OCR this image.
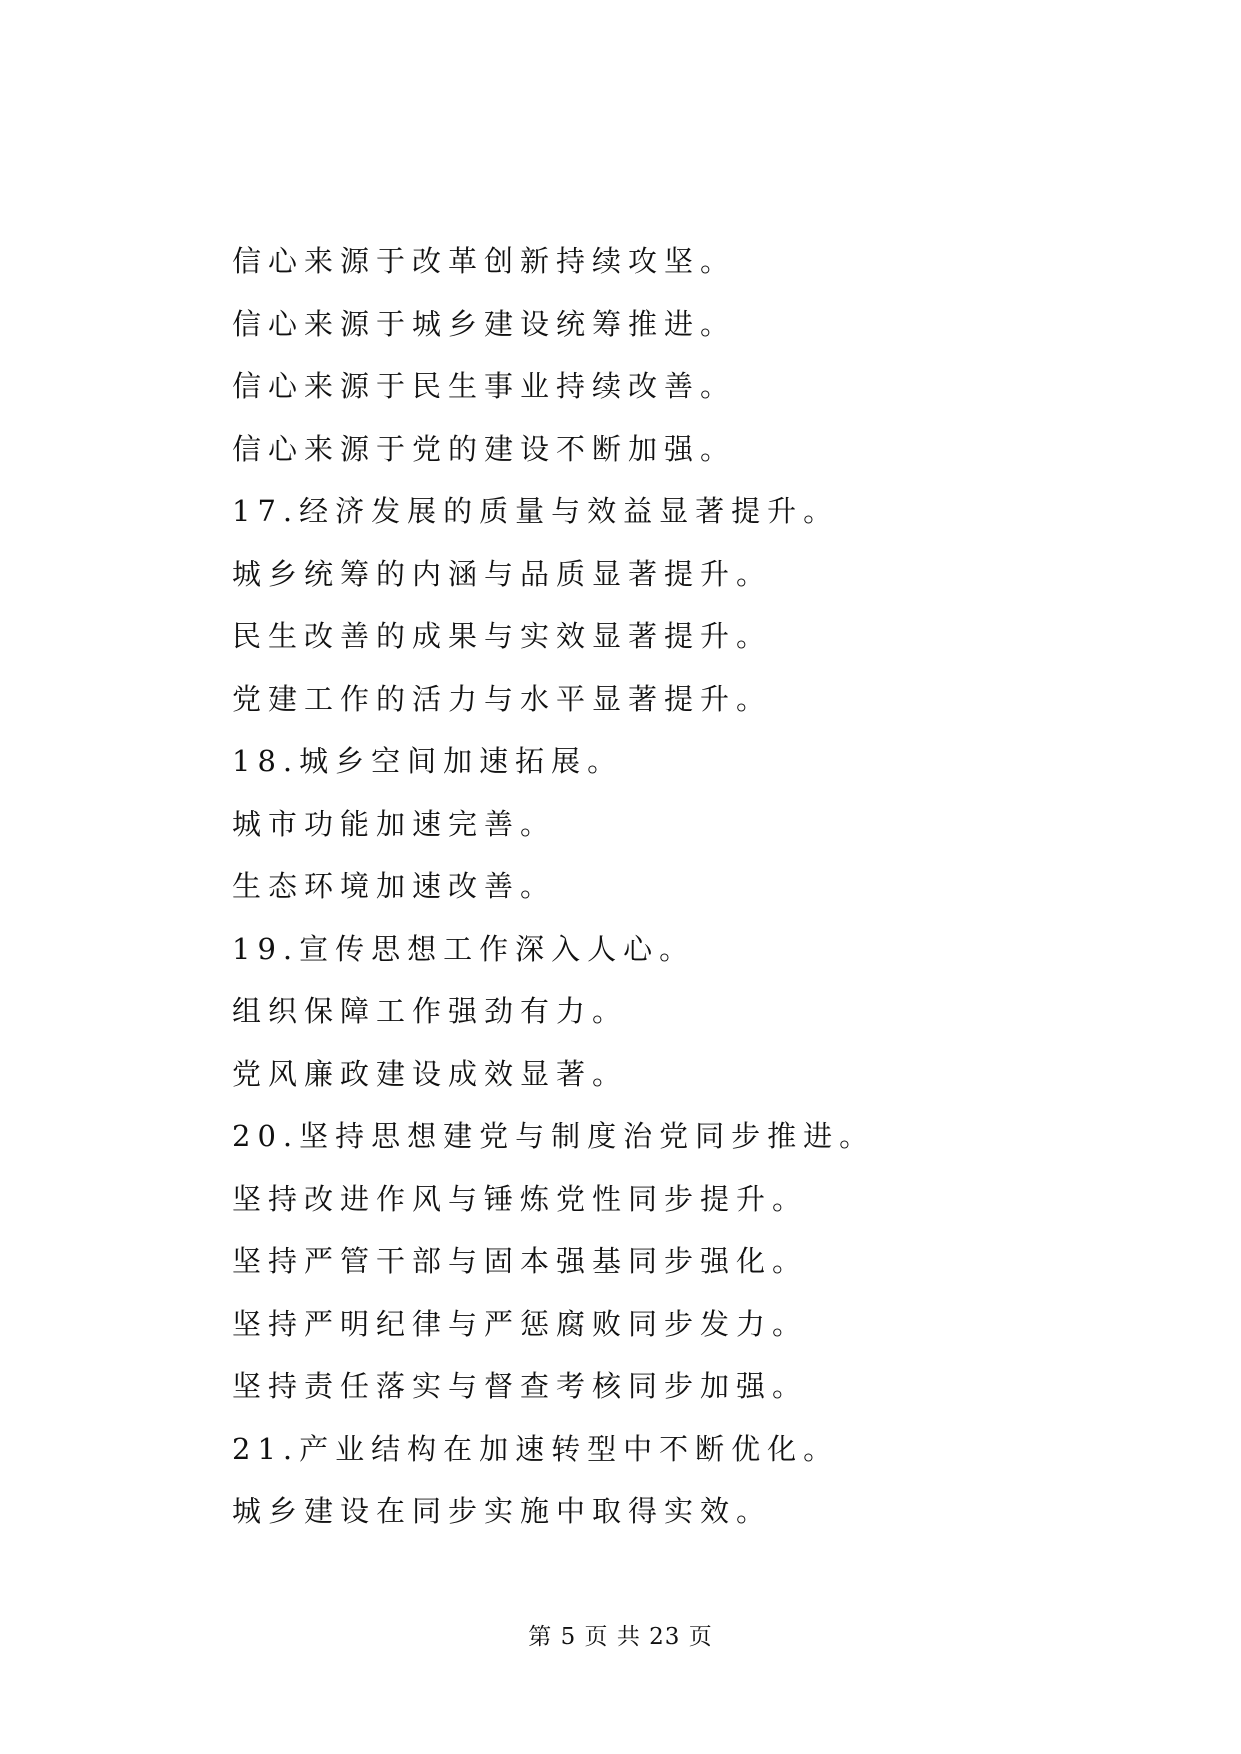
信心来源于改革创新持续攻坚。
信心来源于城乡建设统筹推进。
信心来源于民生事业持续改善。
信心来源于党的建设不断加强。
17.经济发展的质量与效益显著提升。
城乡统筹的内涵与品质显著提升。
民生改善的成果与实效显著提升。
党建工作的活力与水平显著提升。
18.城乡空间加速拓展。
城市功能加速完善。
生态环境加速改善。
19.宣传思想工作深入人心。
组织保障工作强劲有力。
党风廉政建设成效显著。
20.坚持思想建党与制度治党同步推进。
坚持改进作风与锤炼党性同步提升。
坚持严管干部与固本强基同步强化。
坚持严明纪律与严惩腐败同步发力。
坚持责任落实与督查考核同步加强。
21.产业结构在加速转型中不断优化。
城乡建设在同步实施中取得实效。
第 5 页 共 23 页
